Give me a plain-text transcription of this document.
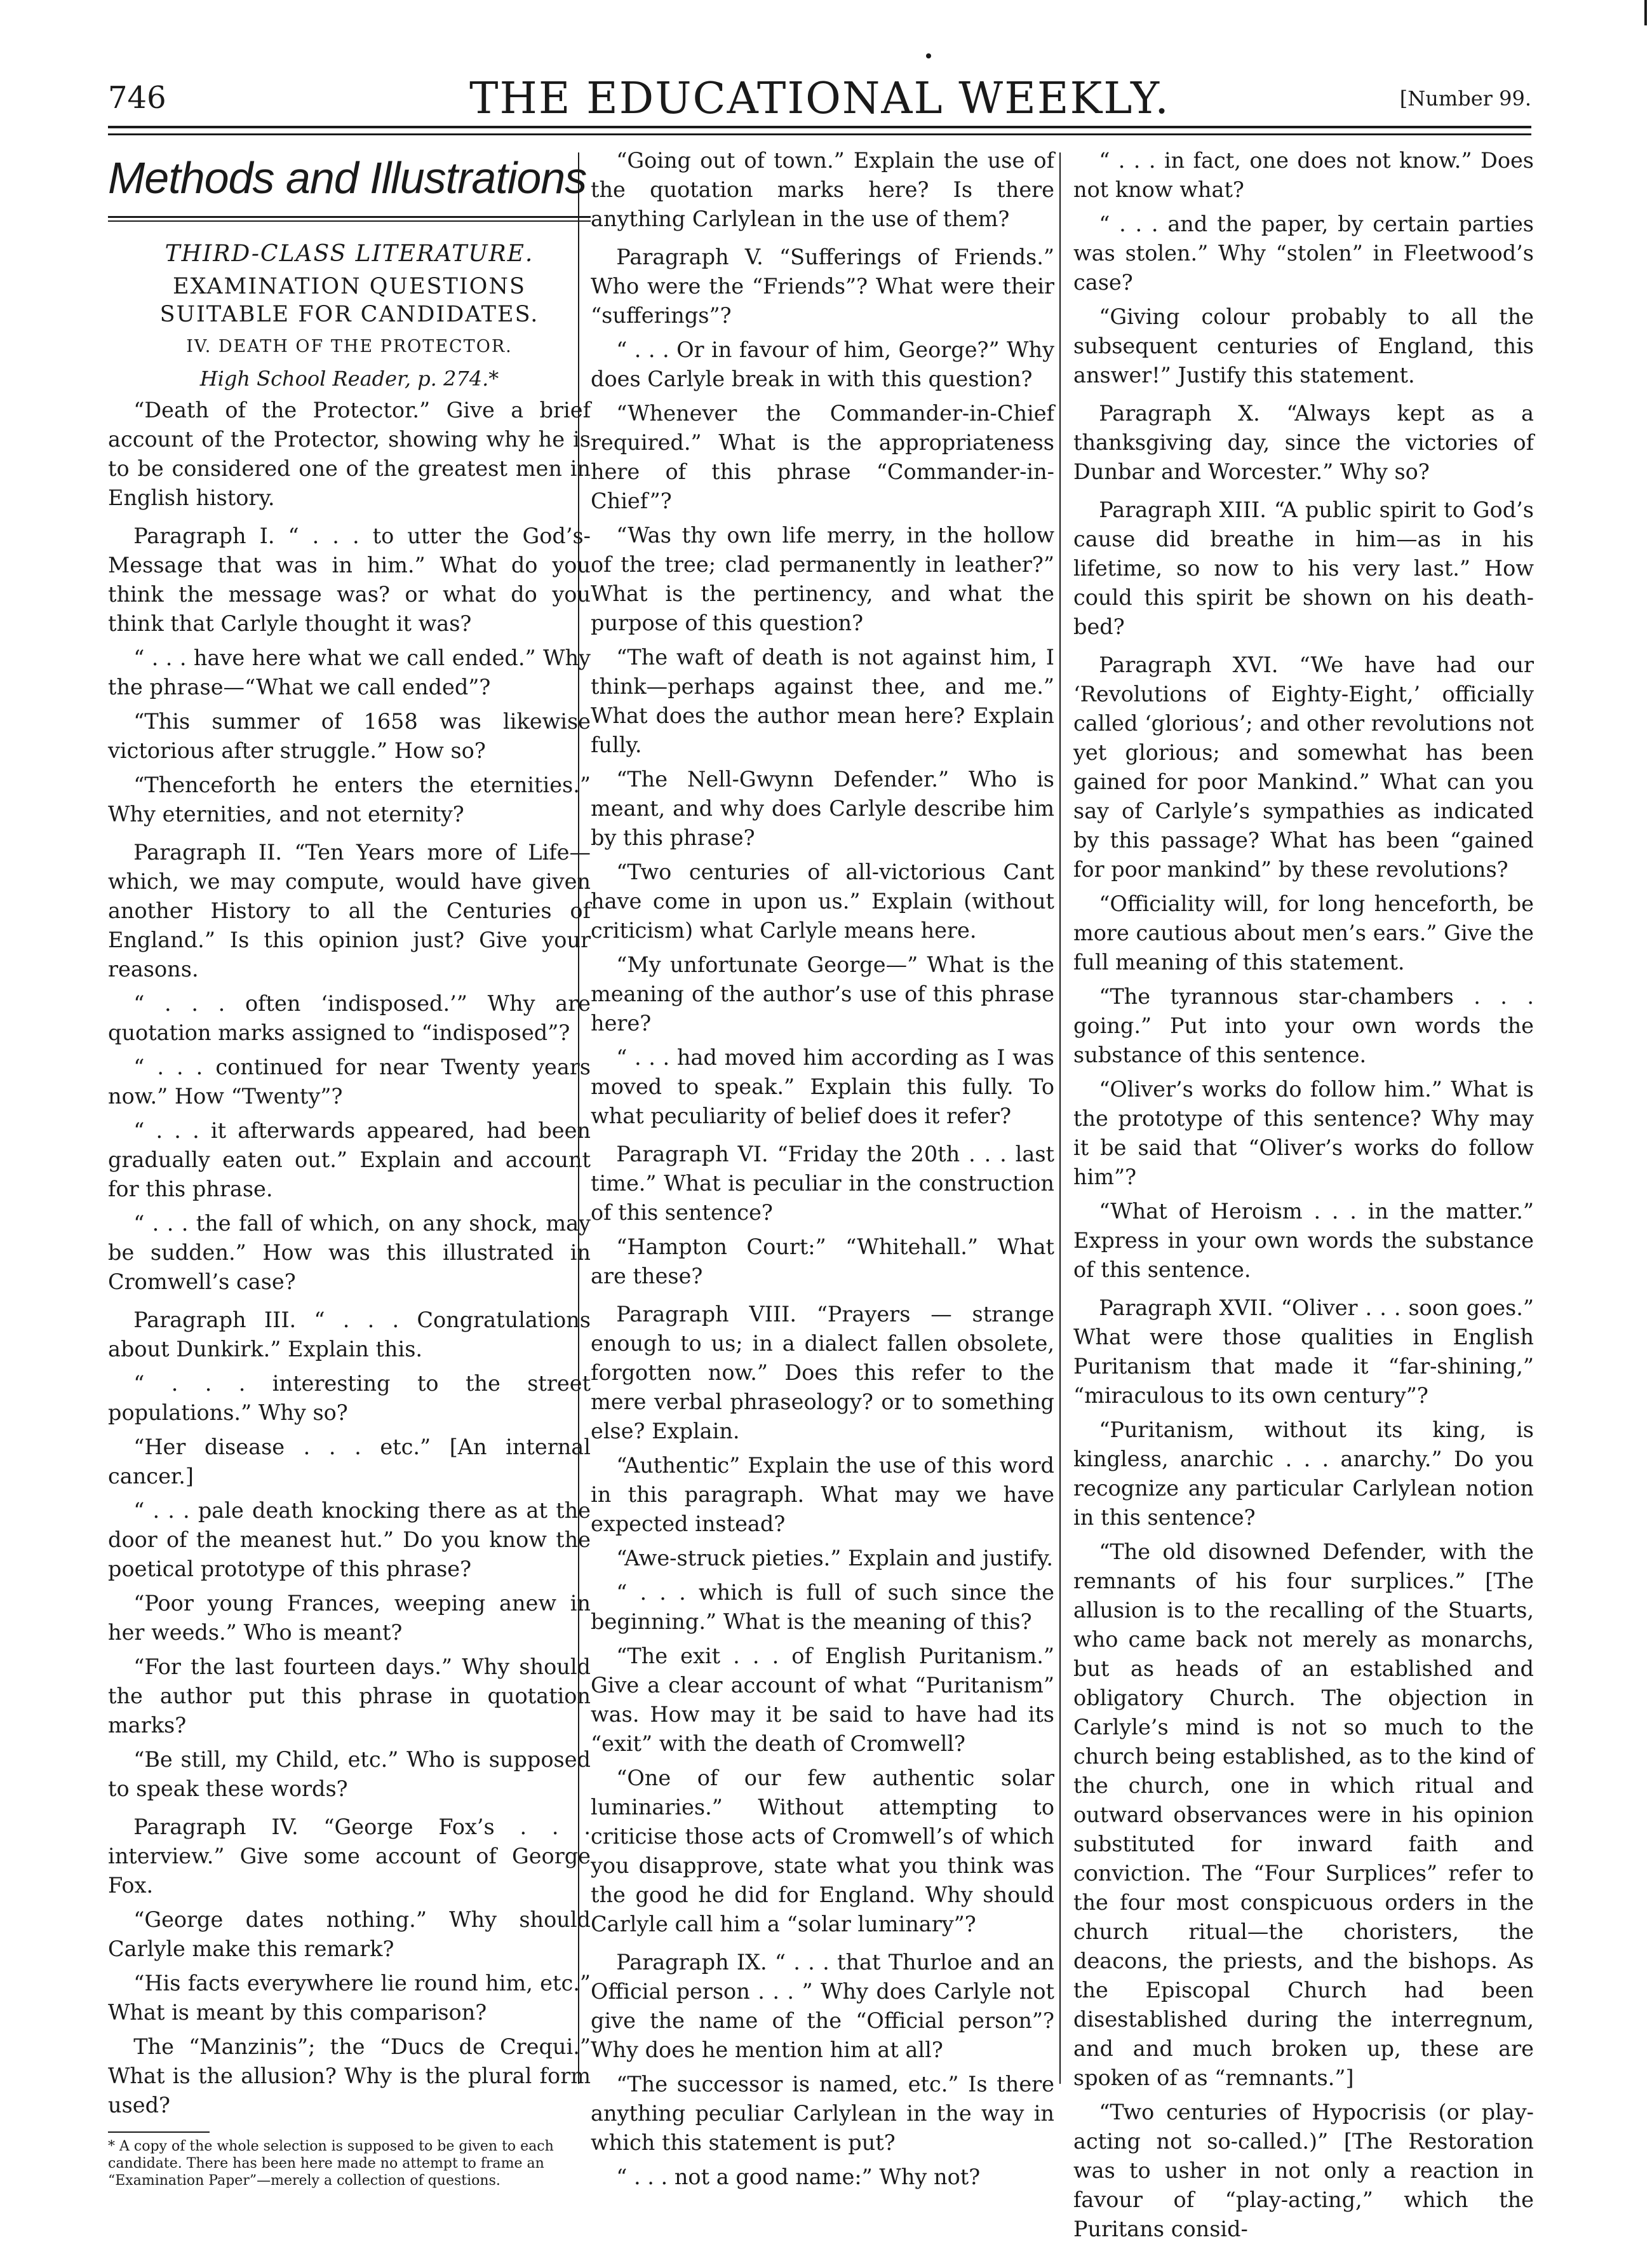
746	THE EDUCATIONAL WEEKLY.	[Number 99.
Methods and Illustrations
THIRD-CLASS LITERATURE.
EXAMINATION QUESTIONS SUITABLE FOR CANDIDATES.
IV. DEATH OF THE PROTECTOR.
High School Reader, p. 274.*

“Death of the Protector.” Give a brief account of the Protector, showing why he is to be considered one of the greatest men in English history.

Paragraph I. “ . . . to utter the God’s-Message that was in him.” What do you think the message was? or what do you think that Carlyle thought it was?

“ . . . have here what we call ended.” Why the phrase—“What we call ended”?

“This summer of 1658 was likewise victorious after struggle.” How so?

“Thenceforth he enters the eternities.” Why eternities, and not eternity?

Paragraph II. “Ten Years more of Life—which, we may compute, would have given another History to all the Centuries of England.” Is this opinion just? Give your reasons.

“ . . . often ‘indisposed.’” Why are quotation marks assigned to “indisposed”?

“ . . . continued for near Twenty years now.” How “Twenty”?

“ . . . it afterwards appeared, had been gradually eaten out.” Explain and account for this phrase.

“ . . . the fall of which, on any shock, may be sudden.” How was this illustrated in Cromwell’s case?

Paragraph III. “ . . . Congratulations about Dunkirk.” Explain this.

“ . . . interesting to the street populations.” Why so?

“Her disease . . . etc.” [An internal cancer.]

“ . . . pale death knocking there as at the door of the meanest hut.” Do you know the poetical prototype of this phrase?

“Poor young Frances, weeping anew in her weeds.” Who is meant?

“For the last fourteen days.” Why should the author put this phrase in quotation marks?

“Be still, my Child, etc.” Who is supposed to speak these words?

Paragraph IV. “George Fox’s . . . interview.” Give some account of George Fox.

“George dates nothing.” Why should Carlyle make this remark?

“His facts everywhere lie round him, etc.” What is meant by this comparison?

The “Manzinis”; the “Ducs de Crequi.” What is the allusion? Why is the plural form used?

* A copy of the whole selection is supposed to be given to each candidate. There has been here made no attempt to frame an “Examination Paper”—merely a collection of questions.

“Going out of town.” Explain the use of the quotation marks here? Is there anything Carlylean in the use of them?

Paragraph V. “Sufferings of Friends.” Who were the “Friends”? What were their “sufferings”?

“ . . . Or in favour of him, George?” Why does Carlyle break in with this question?

“Whenever the Commander-in-Chief required.” What is the appropriateness here of this phrase “Commander-in-Chief”?

“Was thy own life merry, in the hollow of the tree; clad permanently in leather?” What is the pertinency, and what the purpose of this question?

“The waft of death is not against him, I think—perhaps against thee, and me.” What does the author mean here? Explain fully.

“The Nell-Gwynn Defender.” Who is meant, and why does Carlyle describe him by this phrase?

“Two centuries of all-victorious Cant have come in upon us.” Explain (without criticism) what Carlyle means here.

“My unfortunate George—” What is the meaning of the author’s use of this phrase here?

“ . . . had moved him according as I was moved to speak.” Explain this fully. To what peculiarity of belief does it refer?

Paragraph VI. “Friday the 20th . . . last time.” What is peculiar in the construction of this sentence?

“Hampton Court:” “Whitehall.” What are these?

Paragraph VIII. “Prayers — strange enough to us; in a dialect fallen obsolete, forgotten now.” Does this refer to the mere verbal phraseology? or to something else? Explain.

“Authentic” Explain the use of this word in this paragraph. What may we have expected instead?

“Awe-struck pieties.” Explain and justify.

“ . . . which is full of such since the beginning.” What is the meaning of this?

“The exit . . . of English Puritanism.” Give a clear account of what “Puritanism” was. How may it be said to have had its “exit” with the death of Cromwell?

“One of our few authentic solar luminaries.” Without attempting to criticise those acts of Cromwell’s of which you disapprove, state what you think was the good he did for England. Why should Carlyle call him a “solar luminary”?

Paragraph IX. “ . . . that Thurloe and an Official person . . . ” Why does Carlyle not give the name of the “Official person”? Why does he mention him at all?

“The successor is named, etc.” Is there anything peculiar Carlylean in the way in which this statement is put?

“ . . . not a good name:” Why not?

“ . . . in fact, one does not know.” Does not know what?

“ . . . and the paper, by certain parties was stolen.” Why “stolen” in Fleetwood’s case?

“Giving colour probably to all the subsequent centuries of England, this answer!” Justify this statement.

Paragraph X. “Always kept as a thanksgiving day, since the victories of Dunbar and Worcester.” Why so?

Paragraph XIII. “A public spirit to God’s cause did breathe in him—as in his lifetime, so now to his very last.” How could this spirit be shown on his death-bed?

Paragraph XVI. “We have had our ‘Revolutions of Eighty-Eight,’ officially called ‘glorious’; and other revolutions not yet glorious; and somewhat has been gained for poor Mankind.” What can you say of Carlyle’s sympathies as indicated by this passage? What has been “gained for poor mankind” by these revolutions?

“Officiality will, for long henceforth, be more cautious about men’s ears.” Give the full meaning of this statement.

“The tyrannous star-chambers . . . going.” Put into your own words the substance of this sentence.

“Oliver’s works do follow him.” What is the prototype of this sentence? Why may it be said that “Oliver’s works do follow him”?

“What of Heroism . . . in the matter.” Express in your own words the substance of this sentence.

Paragraph XVII. “Oliver . . . soon goes.” What were those qualities in English Puritanism that made it “far-shining,” “miraculous to its own century”?

“Puritanism, without its king, is kingless, anarchic . . . anarchy.” Do you recognize any particular Carlylean notion in this sentence?

“The old disowned Defender, with the remnants of his four surplices.” [The allusion is to the recalling of the Stuarts, who came back not merely as monarchs, but as heads of an established and obligatory Church. The objection in Carlyle’s mind is not so much to the church being established, as to the kind of the church, one in which ritual and outward observances were in his opinion substituted for inward faith and conviction. The “Four Surplices” refer to the four most conspicuous orders in the church ritual—the choristers, the deacons, the priests, and the bishops. As the Episcopal Church had been disestablished during the interregnum, and and much broken up, these are spoken of as “remnants.”]

“Two centuries of Hypocrisis (or play-acting not so-called.)” [The Restoration was to usher in not only a reaction in favour of “play-acting,” which the Puritans consid-
